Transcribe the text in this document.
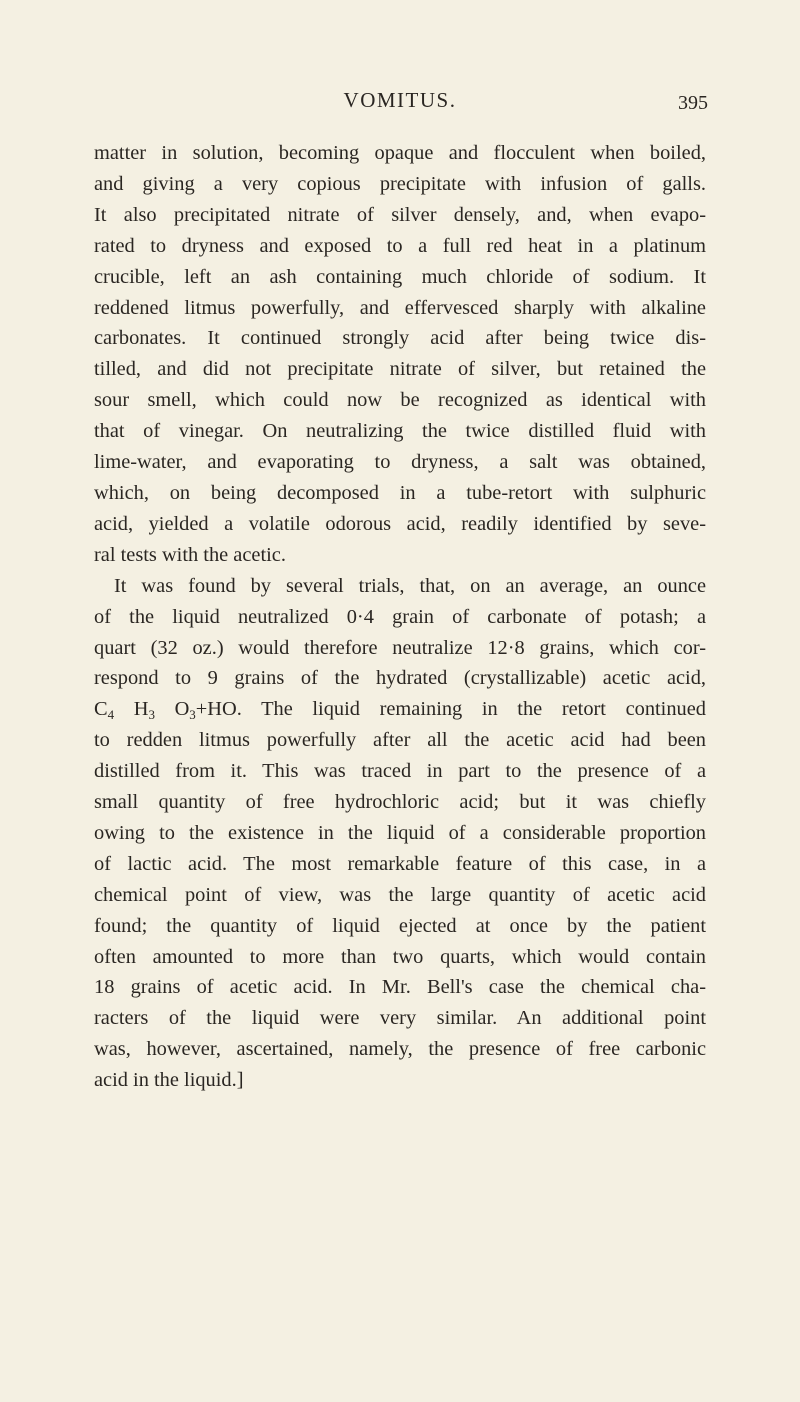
VOMITUS.	395
matter in solution, becoming opaque and flocculent when boiled,
and giving a very copious precipitate with infusion of galls.
It also precipitated nitrate of silver densely, and, when evapo-
rated to dryness and exposed to a full red heat in a platinum
crucible, left an ash containing much chloride of sodium. It
reddened litmus powerfully, and effervesced sharply with alkaline
carbonates. It continued strongly acid after being twice dis-
tilled, and did not precipitate nitrate of silver, but retained the
sour smell, which could now be recognized as identical with
that of vinegar. On neutralizing the twice distilled fluid with
lime-water, and evaporating to dryness, a salt was obtained,
which, on being decomposed in a tube-retort with sulphuric
acid, yielded a volatile odorous acid, readily identified by seve-
ral tests with the acetic.
It was found by several trials, that, on an average, an ounce
of the liquid neutralized 0·4 grain of carbonate of potash; a
quart (32 oz.) would therefore neutralize 12·8 grains, which cor-
respond to 9 grains of the hydrated (crystallizable) acetic acid,
$C_4$ $H_3$ $O_3+HO$. The liquid remaining in the retort continued
to redden litmus powerfully after all the acetic acid had been
distilled from it. This was traced in part to the presence of a
small quantity of free hydrochloric acid; but it was chiefly
owing to the existence in the liquid of a considerable proportion
of lactic acid. The most remarkable feature of this case, in a
chemical point of view, was the large quantity of acetic acid
found; the quantity of liquid ejected at once by the patient
often amounted to more than two quarts, which would contain
18 grains of acetic acid. In Mr. Bell's case the chemical cha-
racters of the liquid were very similar. An additional point
was, however, ascertained, namely, the presence of free carbonic
acid in the liquid.]
